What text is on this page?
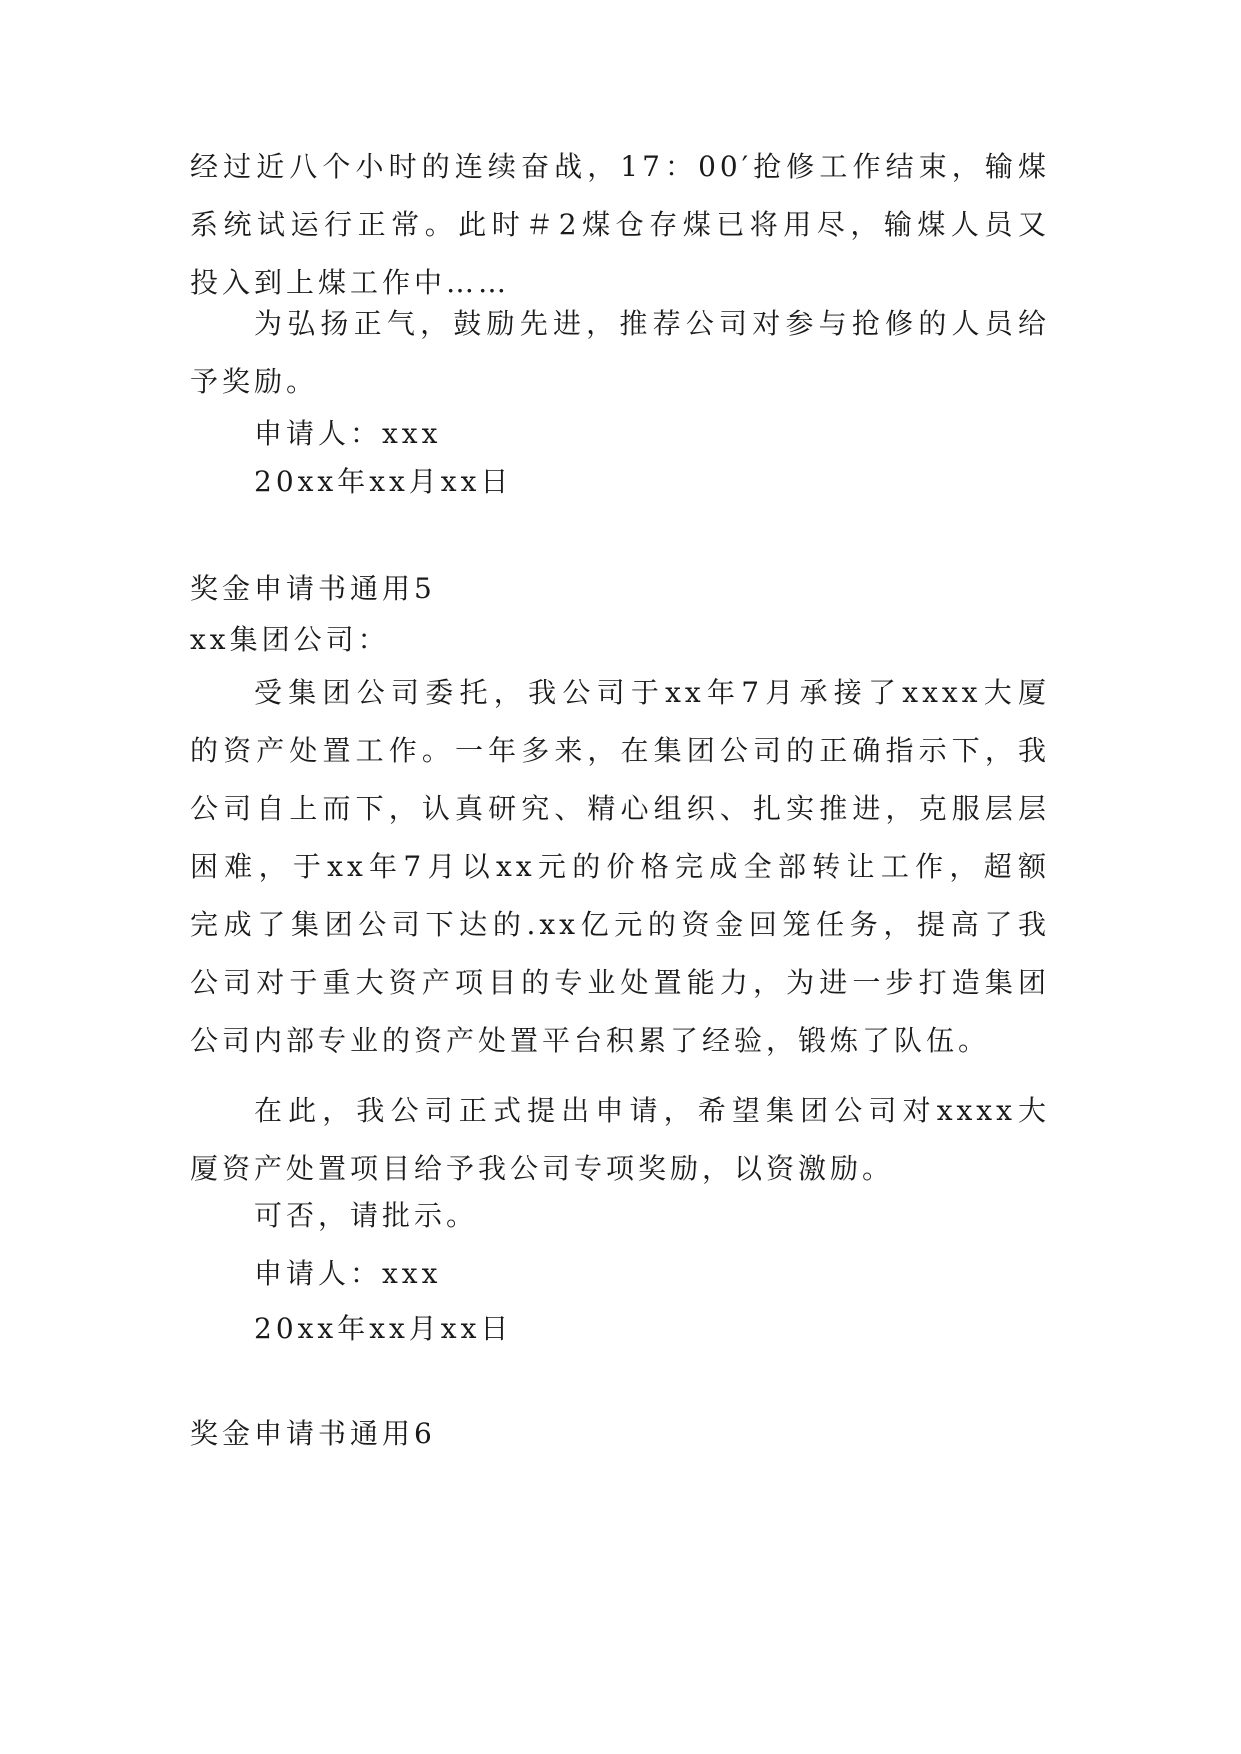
经过近八个小时的连续奋战，17：00′抢修工作结束，输煤
系统试运行正常。此时＃2煤仓存煤已将用尽，输煤人员又
投入到上煤工作中……
为弘扬正气，鼓励先进，推荐公司对参与抢修的人员给
予奖励。
申请人：xxx
20xx年xx月xx日
奖金申请书通用5
xx集团公司：
受集团公司委托，我公司于xx年7月承接了xxxx大厦
的资产处置工作。一年多来，在集团公司的正确指示下，我
公司自上而下，认真研究、精心组织、扎实推进，克服层层
困难，于xx年7月以xx元的价格完成全部转让工作，超额
完成了集团公司下达的.xx亿元的资金回笼任务，提高了我
公司对于重大资产项目的专业处置能力，为进一步打造集团
公司内部专业的资产处置平台积累了经验，锻炼了队伍。
在此，我公司正式提出申请，希望集团公司对xxxx大
厦资产处置项目给予我公司专项奖励，以资激励。
可否，请批示。
申请人：xxx
20xx年xx月xx日
奖金申请书通用6
